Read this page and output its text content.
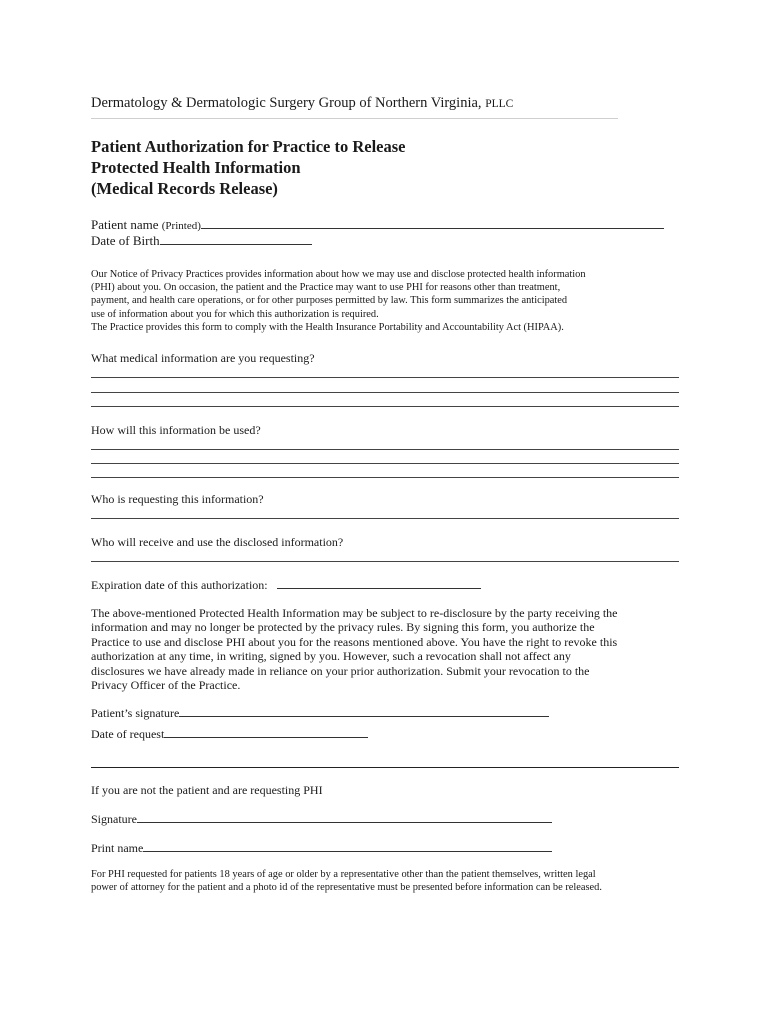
Dermatology & Dermatologic Surgery Group of Northern Virginia, PLLC
Patient Authorization for Practice to Release
Protected Health Information
(Medical Records Release)
Patient name (Printed)
Date of Birth
Our Notice of Privacy Practices provides information about how we may use and disclose protected health information
(PHI) about you. On occasion, the patient and the Practice may want to use PHI for reasons other than treatment,
payment, and health care operations, or for other purposes permitted by law. This form summarizes the anticipated
use of information about you for which this authorization is required.
The Practice provides this form to comply with the Health Insurance Portability and Accountability Act (HIPAA).
What medical information are you requesting?
How will this information be used?
Who is requesting this information?
Who will receive and use the disclosed information?
Expiration date of this authorization:
The above-mentioned Protected Health Information may be subject to re-disclosure by the party receiving the
information and may no longer be protected by the privacy rules. By signing this form, you authorize the
Practice to use and disclose PHI about you for the reasons mentioned above. You have the right to revoke this
authorization at any time, in writing, signed by you. However, such a revocation shall not affect any
disclosures we have already made in reliance on your prior authorization. Submit your revocation to the
Privacy Officer of the Practice.
Patient’s signature
Date of request
If you are not the patient and are requesting PHI
Signature
Print name
For PHI requested for patients 18 years of age or older by a representative other than the patient themselves, written legal
power of attorney for the patient and a photo id of the representative must be presented before information can be released.
